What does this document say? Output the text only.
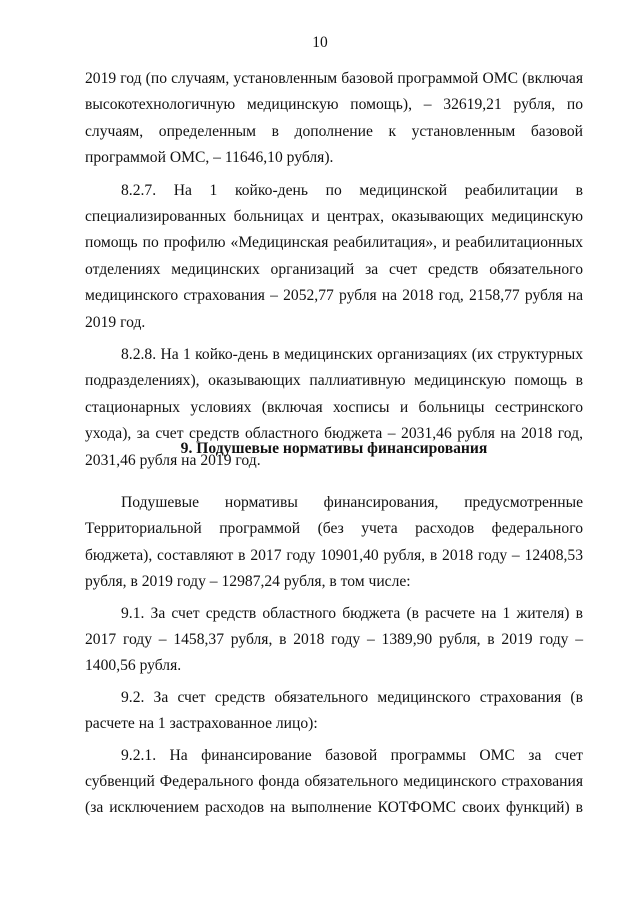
10

2019 год (по случаям, установленным базовой программой ОМС (включая высокотехнологичную медицинскую помощь), – 32619,21 рубля, по случаям, определенным в дополнение к установленным базовой программой ОМС, – 11646,10 рубля).

8.2.7. На 1 койко-день по медицинской реабилитации в специализированных больницах и центрах, оказывающих медицинскую помощь по профилю «Медицинская реабилитация», и реабилитационных отделениях медицинских организаций за счет средств обязательного медицинского страхования – 2052,77 рубля на 2018 год, 2158,77 рубля на 2019 год.

8.2.8. На 1 койко-день в медицинских организациях (их структурных подразделениях), оказывающих паллиативную медицинскую помощь в стационарных условиях (включая хосписы и больницы сестринского ухода), за счет средств областного бюджета – 2031,46 рубля на 2018 год, 2031,46 рубля на 2019 год.

9. Подушевые нормативы финансирования

Подушевые нормативы финансирования, предусмотренные Территориальной программой (без учета расходов федерального бюджета), составляют в 2017 году 10901,40 рубля, в 2018 году – 12408,53 рубля, в 2019 году – 12987,24 рубля, в том числе:

9.1. За счет средств областного бюджета (в расчете на 1 жителя) в 2017 году – 1458,37 рубля, в 2018 году – 1389,90 рубля, в 2019 году – 1400,56 рубля.

9.2. За счет средств обязательного медицинского страхования (в расчете на 1 застрахованное лицо):

9.2.1. На финансирование базовой программы ОМС за счет субвенций Федерального фонда обязательного медицинского страхования (за исключением расходов на выполнение КОТФОМС своих функций) в
